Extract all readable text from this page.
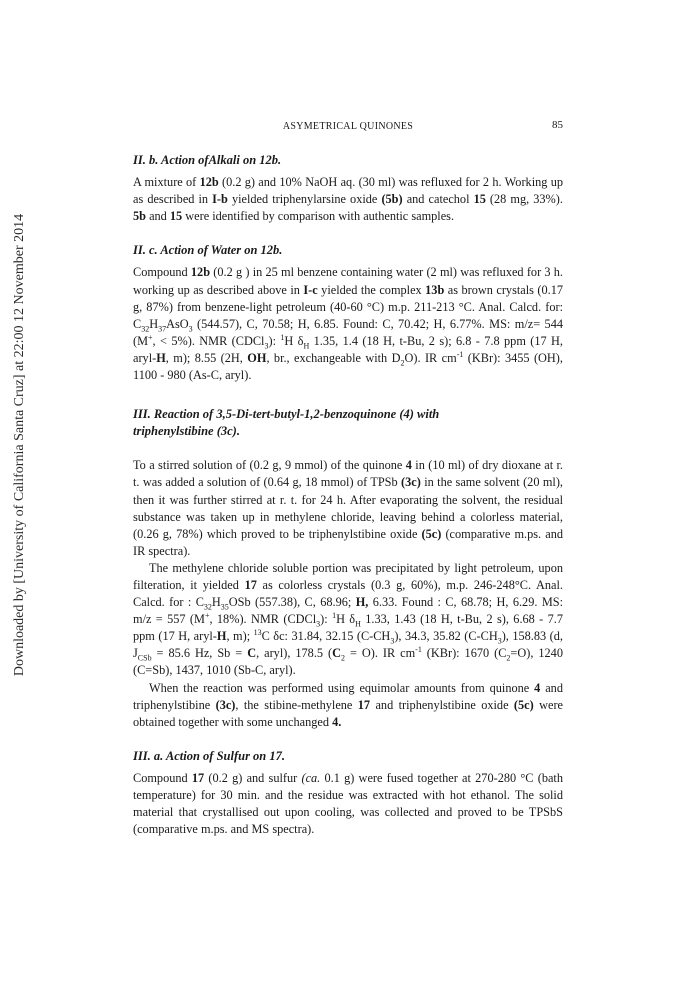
Downloaded by [University of California Santa Cruz] at 22:00 12 November 2014
ASYMETRICAL QUINONES	85
II. b. Action ofAlkali on 12b.

A mixture of 12b (0.2 g) and 10% NaOH aq. (30 ml) was refluxed for 2 h. Working up as described in I-b yielded triphenylarsine oxide (5b) and catechol 15 (28 mg, 33%). 5b and 15 were identified by comparison with authentic samples.

II. c. Action of Water on 12b.

Compound 12b (0.2 g ) in 25 ml benzene containing water (2 ml) was refluxed for 3 h. working up as described above in I-c yielded the complex 13b as brown crystals (0.17 g, 87%) from benzene-light petroleum (40-60 °C) m.p. 211-213 °C. Anal. Calcd. for: $C_{32}H_{37}AsO_3$ (544.57), C, 70.58; H, 6.85. Found: C, 70.42; H, 6.77%. MS: m/z= 544 (M+, < 5%). NMR (CDCl$_3$): $^1$H $\delta_H$ 1.35, 1.4 (18 H, t-Bu, 2 s); 6.8 - 7.8 ppm (17 H, aryl-H, m); 8.55 (2H, OH, br., exchangeable with $D_2O$). IR $cm^{-1}$ (KBr): 3455 (OH), 1100 - 980 (As-C, aryl).

III. Reaction of 3,5-Di-tert-butyl-1,2-benzoquinone (4) with
triphenylstibine (3c).

To a stirred solution of (0.2 g, 9 mmol) of the quinone 4 in (10 ml) of dry dioxane at r. t. was added a solution of (0.64 g, 18 mmol) of TPSb (3c) in the same solvent (20 ml), then it was further stirred at r. t. for 24 h. After evaporating the solvent, the residual substance was taken up in methylene chloride, leaving behind a colorless material, (0.26 g, 78%) which proved to be triphenylstibine oxide (5c) (comparative m.ps. and IR spectra).

The methylene chloride soluble portion was precipitated by light petroleum, upon filteration, it yielded 17 as colorless crystals (0.3 g, 60%), m.p. 246-248°C. Anal. Calcd. for : $C_{32}H_{35}OSb$ (557.38), C, 68.96; H, 6.33. Found : C, 68.78; H, 6.29. MS: m/z = 557 (M+, 18%). NMR (CDCl$_3$): $^1$H $\delta_H$ 1.33, 1.43 (18 H, t-Bu, 2 s), 6.68 - 7.7 ppm (17 H, aryl-H, m); $^{13}$C δc: 31.84, 32.15 $(C-CH_3)$, 34.3, 35.82 $(C-CH_3)$, 158.83 (d, $J_{CSb} = 85.6$ Hz, Sb = C, aryl), 178.5 $(C_2 = O)$. IR $cm^{-1}$ (KBr): 1670 $(C_2=O)$, 1240 (C=Sb), 1437, 1010 (Sb-C, aryl).

When the reaction was performed using equimolar amounts from quinone 4 and triphenylstibine (3c), the stibine-methylene 17 and triphenylstibine oxide (5c) were obtained together with some unchanged 4.

III. a. Action of Sulfur on 17.

Compound 17 (0.2 g) and sulfur (ca. 0.1 g) were fused together at 270-280 °C (bath temperature) for 30 min. and the residue was extracted with hot ethanol. The solid material that crystallised out upon cooling, was collected and proved to be TPSbS (comparative m.ps. and MS spectra).
